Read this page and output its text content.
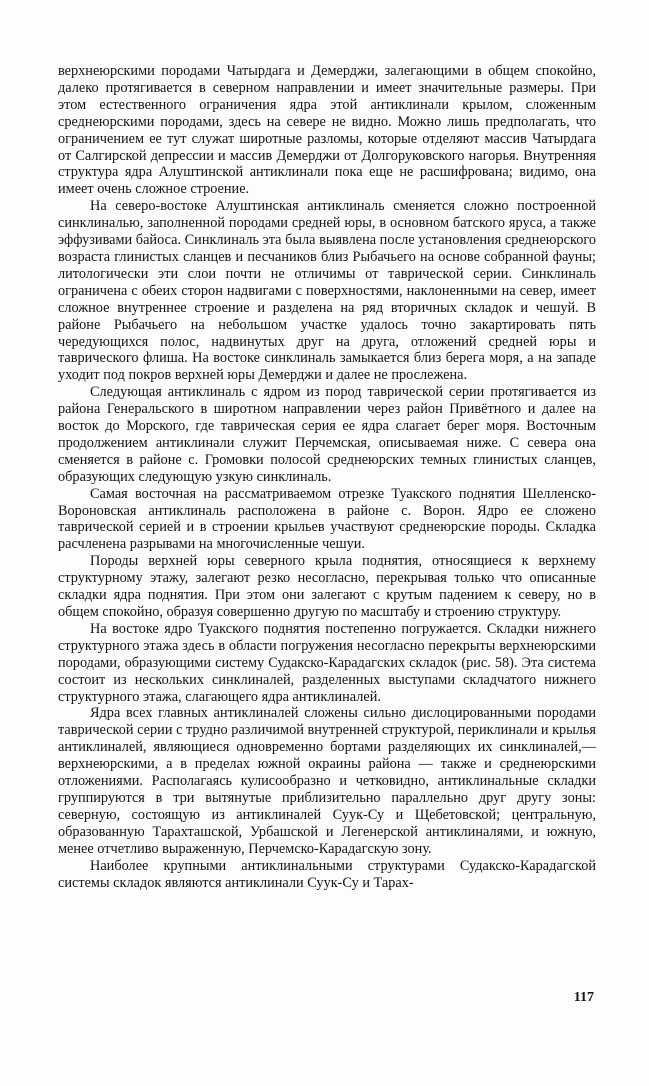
верхнеюрскими породами Чатырдага и Демерджи, залегающими в общем спокойно, далеко протягивается в северном направлении и имеет значительные размеры. При этом естественного ограничения ядра этой антиклинали крылом, сложенным среднеюрскими породами, здесь на севере не видно. Можно лишь предполагать, что ограничением ее тут служат широтные разломы, которые отделяют массив Чатырдага от Салгирской депрессии и массив Демерджи от Долгоруковского нагорья. Внутренняя структура ядра Алуштинской антиклинали пока еще не расшифрована; видимо, она имеет очень сложное строение.

На северо-востоке Алуштинская антиклиналь сменяется сложно построенной синклиналью, заполненной породами средней юры, в основном батского яруса, а также эффузивами байоса. Синклиналь эта была выявлена после установления среднеюрского возраста глинистых сланцев и песчаников близ Рыбачьего на основе собранной фауны; литологически эти слои почти не отличимы от таврической серии. Синклиналь ограничена с обеих сторон надвигами с поверхностями, наклоненными на север, имеет сложное внутреннее строение и разделена на ряд вторичных складок и чешуй. В районе Рыбачьего на небольшом участке удалось точно закартировать пять чередующихся полос, надвинутых друг на друга, отложений средней юры и таврического флиша. На востоке синклиналь замыкается близ берега моря, а на западе уходит под покров верхней юры Демерджи и далее не прослежена.

Следующая антиклиналь с ядром из пород таврической серии протягивается из района Генеральского в широтном направлении через район Привётного и далее на восток до Морского, где таврическая серия ее ядра слагает берег моря. Восточным продолжением антиклинали служит Перчемская, описываемая ниже. С севера она сменяется в районе с. Громовки полосой среднеюрских темных глинистых сланцев, образующих следующую узкую синклиналь.

Самая восточная на рассматриваемом отрезке Туакского поднятия Шелленско-Вороновская антиклиналь расположена в районе с. Ворон. Ядро ее сложено таврической серией и в строении крыльев участвуют среднеюрские породы. Складка расчленена разрывами на многочисленные чешуи.

Породы верхней юры северного крыла поднятия, относящиеся к верхнему структурному этажу, залегают резко несогласно, перекрывая только что описанные складки ядра поднятия. При этом они залегают с крутым падением к северу, но в общем спокойно, образуя совершенно другую по масштабу и строению структуру.

На востоке ядро Туакского поднятия постепенно погружается. Складки нижнего структурного этажа здесь в области погружения несогласно перекрыты верхнеюрскими породами, образующими систему Судакско-Карадагских складок (рис. 58). Эта система состоит из нескольких синклиналей, разделенных выступами складчатого нижнего структурного этажа, слагающего ядра антиклиналей.

Ядра всех главных антиклиналей сложены сильно дислоцированными породами таврической серии с трудно различимой внутренней структурой, периклинали и крылья антиклиналей, являющиеся одновременно бортами разделяющих их синклиналей,— верхнеюрскими, а в пределах южной окраины района — также и среднеюрскими отложениями. Располагаясь кулисообразно и четковидно, антиклинальные складки группируются в три вытянутые приблизительно параллельно друг другу зоны: северную, состоящую из антиклиналей Суук-Су и Щебетовской; центральную, образованную Тарахташской, Урбашской и Легенерской антиклиналями, и южную, менее отчетливо выраженную, Перчемско-Карадагскую зону.

Наиболее крупными антиклинальными структурами Судакско-Карадагской системы складок являются антиклинали Суук-Су и Тарах-

117
